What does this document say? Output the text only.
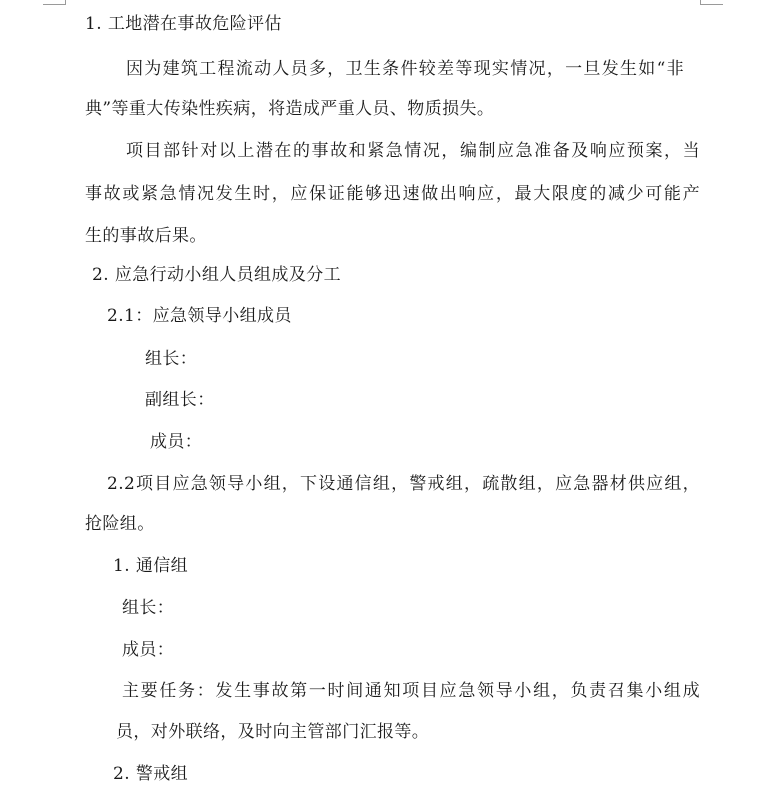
1. 工地潜在事故危险评估
因为建筑工程流动人员多，卫生条件较差等现实情况，一旦发生如“非
典”等重大传染性疾病，将造成严重人员、物质损失。
项目部针对以上潜在的事故和紧急情况，编制应急准备及响应预案，当
事故或紧急情况发生时，应保证能够迅速做出响应，最大限度的减少可能产
生的事故后果。
2. 应急行动小组人员组成及分工
2.1：应急领导小组成员
组长：
副组长：
成员：
2.2项目应急领导小组，下设通信组，警戒组，疏散组，应急器材供应组，
抢险组。
1. 通信组
组长：
成员：
主要任务：发生事故第一时间通知项目应急领导小组，负责召集小组成
员，对外联络，及时向主管部门汇报等。
2. 警戒组
